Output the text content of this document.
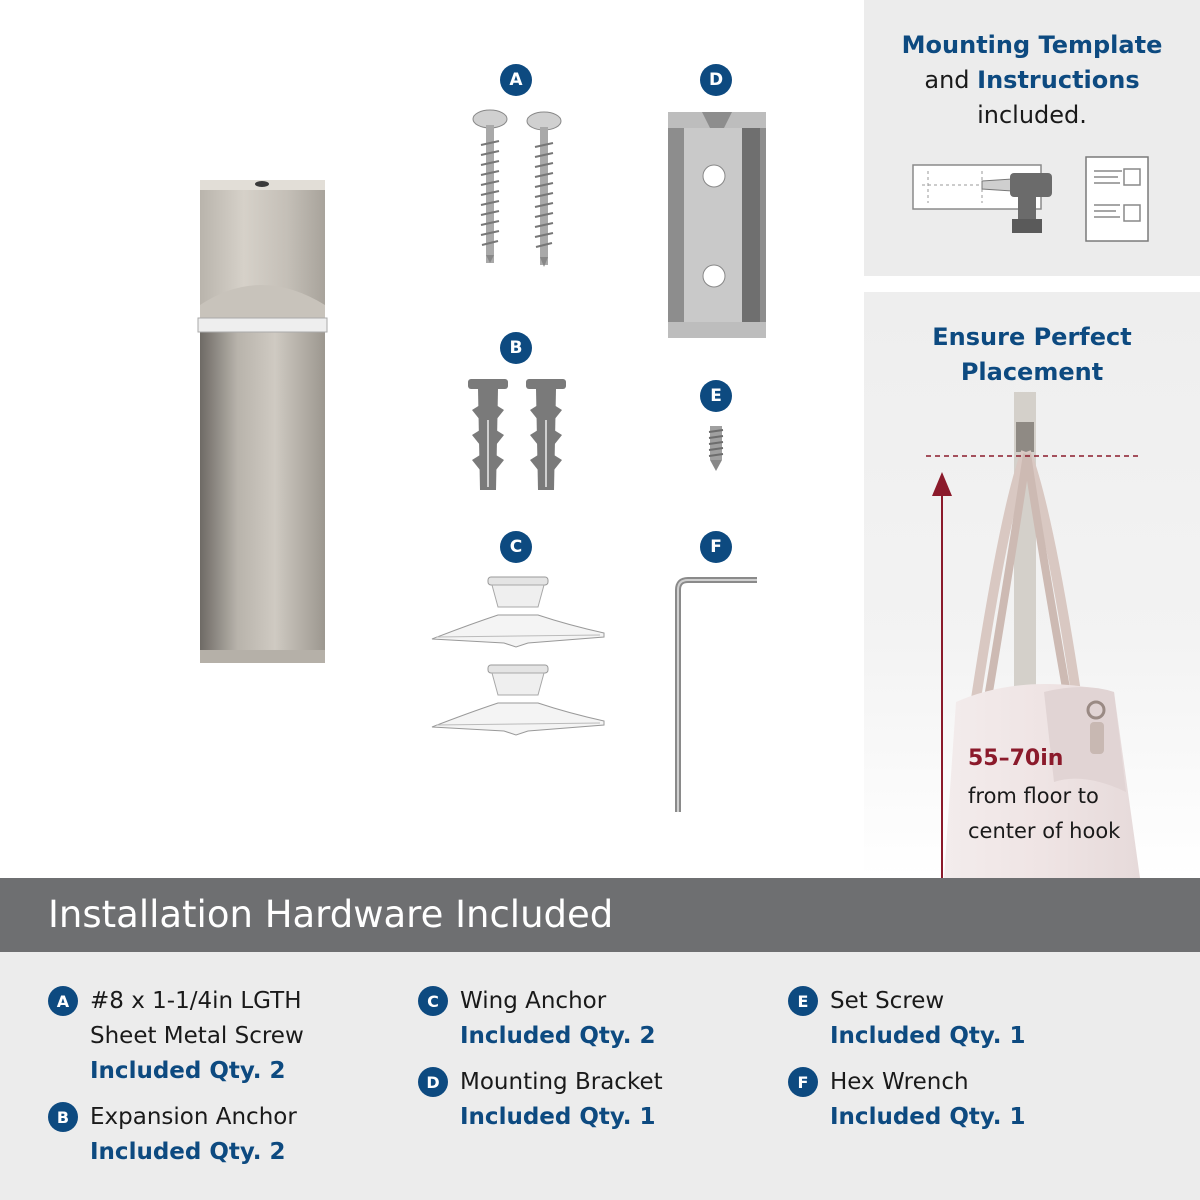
A	D
B
E
C	F
Mounting Template
and Instructions
included.
Ensure Perfect
Placement
55–70in
from floor to
center of hook
Installation Hardware Included
A #8 x 1-1/4in LGTH
Sheet Metal Screw
Included Qty. 2
B Expansion Anchor
Included Qty. 2
C Wing Anchor
Included Qty. 2
D Mounting Bracket
Included Qty. 1
E Set Screw
Included Qty. 1
F Hex Wrench
Included Qty. 1
